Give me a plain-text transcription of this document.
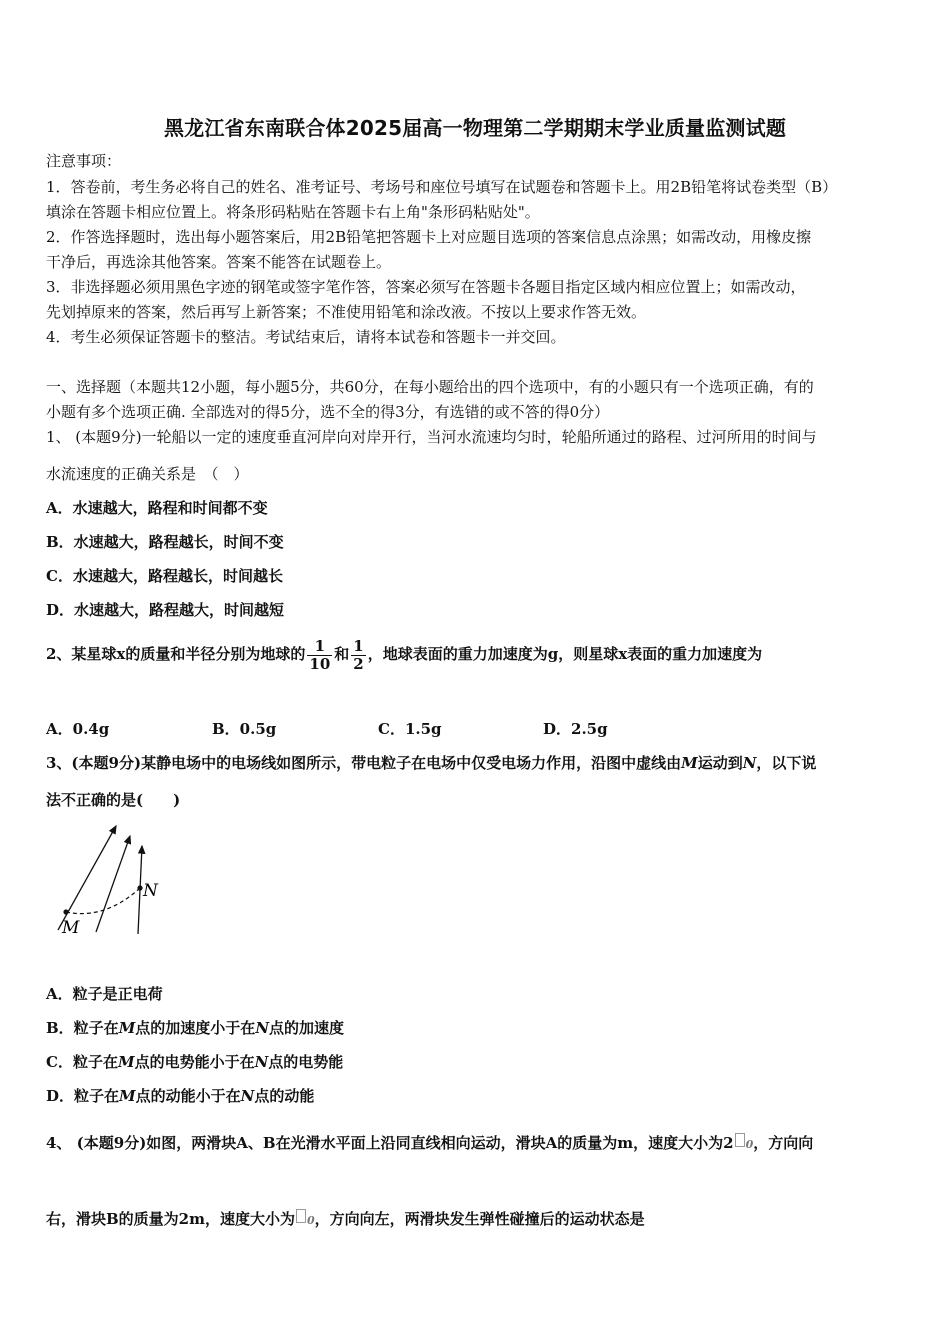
黑龙江省东南联合体2025届高一物理第二学期期末学业质量监测试题
注意事项：
1．答卷前，考生务必将自己的姓名、准考证号、考场号和座位号填写在试题卷和答题卡上。用2B铅笔将试卷类型（B）
填涂在答题卡相应位置上。将条形码粘贴在答题卡右上角"条形码粘贴处"。
2．作答选择题时，选出每小题答案后，用2B铅笔把答题卡上对应题目选项的答案信息点涂黑；如需改动，用橡皮擦
干净后，再选涂其他答案。答案不能答在试题卷上。
3．非选择题必须用黑色字迹的钢笔或签字笔作答，答案必须写在答题卡各题目指定区域内相应位置上；如需改动，
先划掉原来的答案，然后再写上新答案；不准使用铅笔和涂改液。不按以上要求作答无效。
4．考生必须保证答题卡的整洁。考试结束后，请将本试卷和答题卡一并交回。
一、选择题（本题共12小题，每小题5分，共60分，在每小题给出的四个选项中，有的小题只有一个选项正确，有的
小题有多个选项正确. 全部选对的得5分，选不全的得3分，有选错的或不答的得0分）
1、 (本题9分)一轮船以一定的速度垂直河岸向对岸开行，当河水流速均匀时，轮船所通过的路程、过河所用的时间与
水流速度的正确关系是　（　）
A．水速越大，路程和时间都不变
B．水速越大，路程越长，时间不变
C．水速越大，路程越长，时间越长
D．水速越大，路程越大，时间越短
2、某星球x的质量和半径分别为地球的 $\frac{1}{10}$ 和 $\frac{1}{2}$ ，地球表面的重力加速度为g，则星球x表面的重力加速度为
A．0.4g	B．0.5g	C．1.5g	D．2.5g
3、(本题9分)某静电场中的电场线如图所示，带电粒子在电场中仅受电场力作用，沿图中虚线由M运动到N，以下说
法不正确的是(　　)
M
N
A．粒子是正电荷
B．粒子在M点的加速度小于在N点的加速度
C．粒子在M点的电势能小于在N点的电势能
D．粒子在M点的动能小于在N点的动能
4、 (本题9分)如图，两滑块A、B在光滑水平面上沿同直线相向运动，滑块A的质量为m，速度大小为2 0，方向向
右，滑块B的质量为2m，速度大小为 0，方向向左，两滑块发生弹性碰撞后的运动状态是
